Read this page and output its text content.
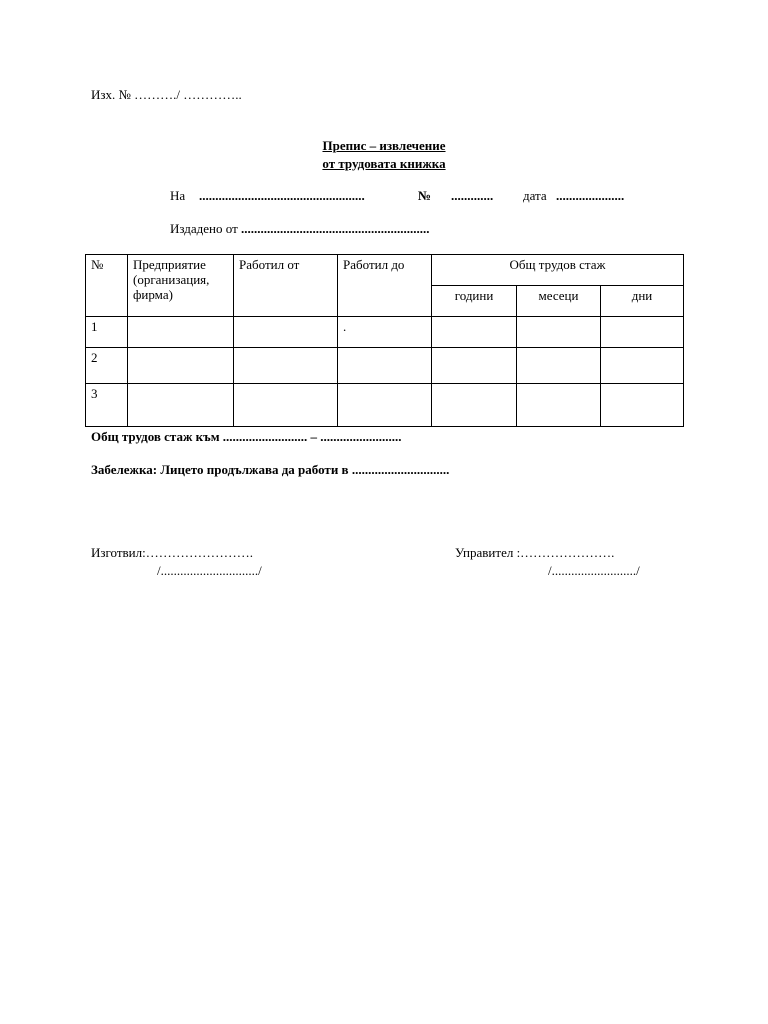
Изх. № ………./ …………..
Препис – извлечение
от трудовата книжка
На ...................................................	№ ............. дата .....................
Издадено от ..........................................................
№	Предприятие (организация, фирма)	Работил от	Работил до	Общ трудов стаж		
				години	месеци	дни
1			.			
2						
3						
Общ трудов стаж към .......................... – .........................
Забележка: Лицето продължава да работи в ..............................
Изготвил:…………………….
/............................../
Управител :………………….
/........................../
